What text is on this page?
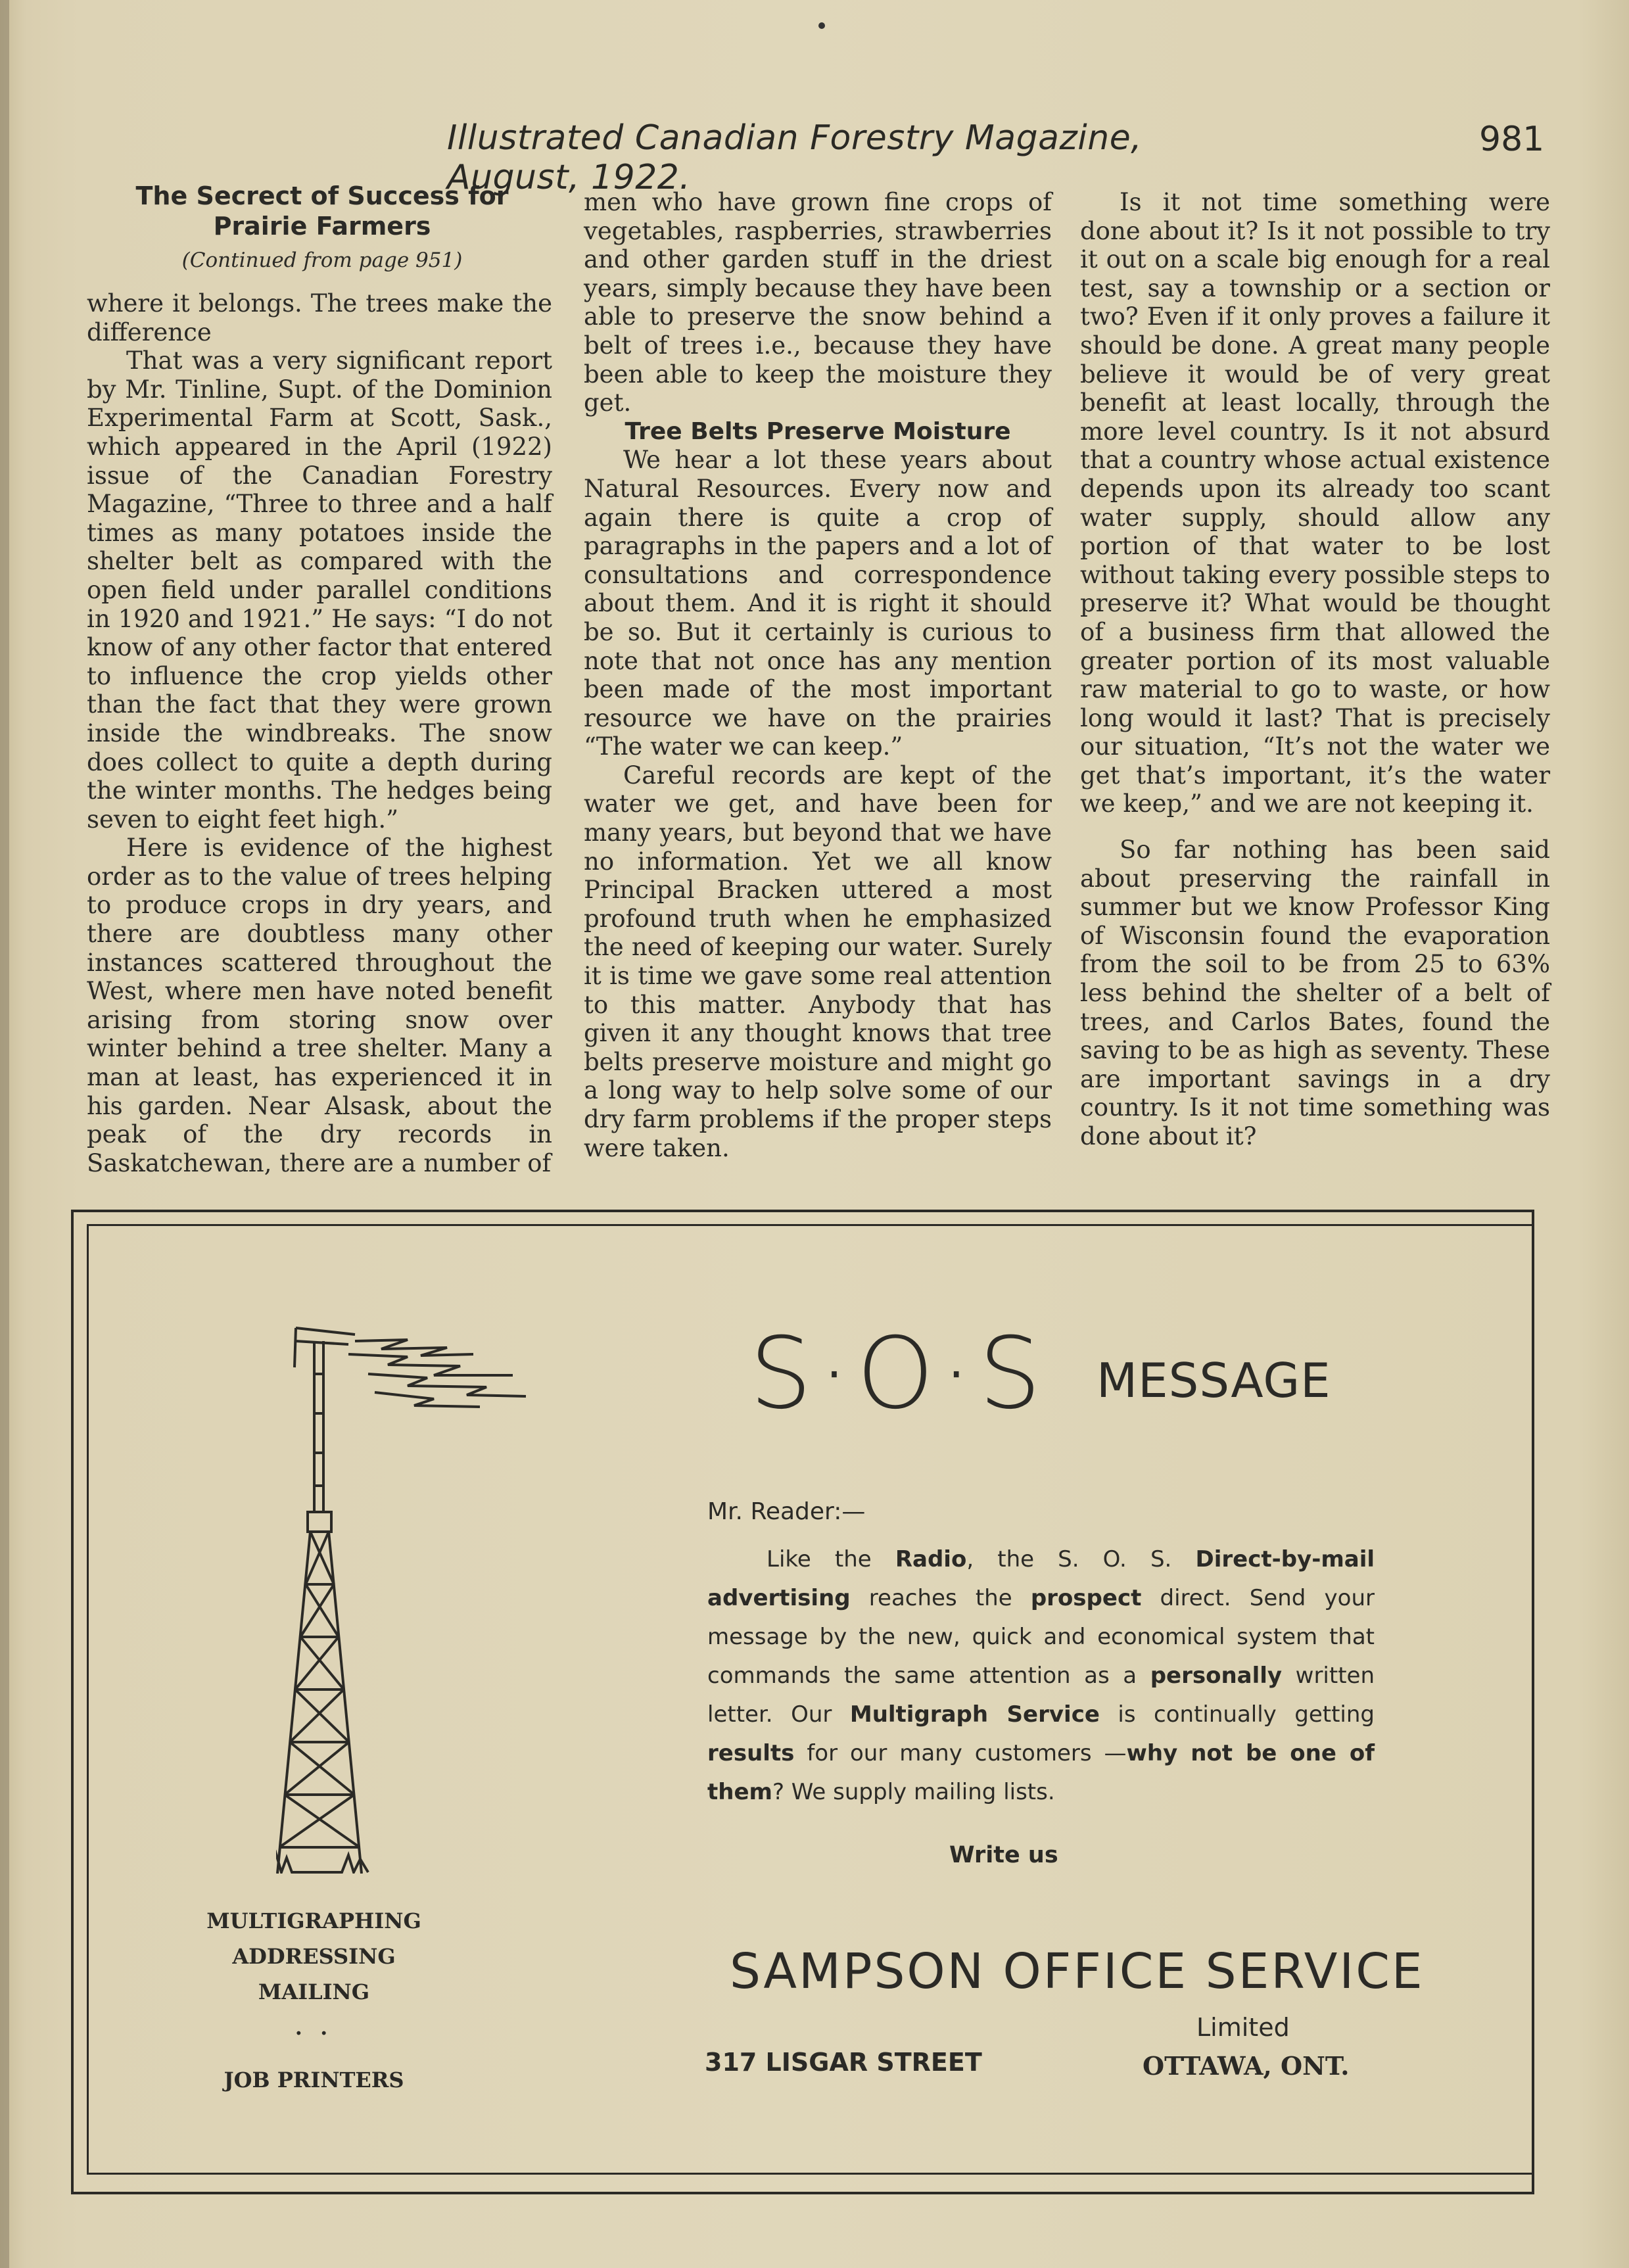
Illustrated Canadian Forestry Magazine, August, 1922.
981
The Secrect of Success for
Prairie Farmers
(Continued from page 951)

where it belongs. The trees make the difference

That was a very significant report by Mr. Tinline, Supt. of the Dominion Experimental Farm at Scott, Sask., which appeared in the April (1922) issue of the Canadian Forestry Magazine, “Three to three and a half times as many potatoes inside the shelter belt as compared with the open field under parallel conditions in 1920 and 1921.” He says: “I do not know of any other factor that entered to influence the crop yields other than the fact that they were grown inside the windbreaks. The snow does collect to quite a depth during the winter months. The hedges being seven to eight feet high.”

Here is evidence of the highest order as to the value of trees helping to produce crops in dry years, and there are doubtless many other instances scattered throughout the West, where men have noted benefit arising from storing snow over winter behind a tree shelter. Many a man at least, has experienced it in his garden. Near Alsask, about the peak of the dry records in Saskatchewan, there are a number of

men who have grown fine crops of vegetables, raspberries, strawberries and other garden stuff in the driest years, simply because they have been able to preserve the snow behind a belt of trees i.e., because they have been able to keep the moisture they get.

Tree Belts Preserve Moisture

We hear a lot these years about Natural Resources. Every now and again there is quite a crop of paragraphs in the papers and a lot of consultations and correspondence about them. And it is right it should be so. But it certainly is curious to note that not once has any mention been made of the most important resource we have on the prairies “The water we can keep.”

Careful records are kept of the water we get, and have been for many years, but beyond that we have no information. Yet we all know Principal Bracken uttered a most profound truth when he emphasized the need of keeping our water. Surely it is time we gave some real attention to this matter. Anybody that has given it any thought knows that tree belts preserve moisture and might go a long way to help solve some of our dry farm problems if the proper steps were taken.

Is it not time something were done about it? Is it not possible to try it out on a scale big enough for a real test, say a township or a section or two? Even if it only proves a failure it should be done. A great many people believe it would be of very great benefit at least locally, through the more level country. Is it not absurd that a country whose actual existence depends upon its already too scant water supply, should allow any portion of that water to be lost without taking every possible steps to preserve it? What would be thought of a business firm that allowed the greater portion of its most valuable raw material to go to waste, or how long would it last? That is precisely our situation, “It’s not the water we get that’s important, it’s the water we keep,” and we are not keeping it.

So far nothing has been said about preserving the rainfall in summer but we know Professor King of Wisconsin found the evaporation from the soil to be from 25 to 63% less behind the shelter of a belt of trees, and Carlos Bates, found the saving to be as high as seventy. These are important savings in a dry country. Is it not time something was done about it?

S·O·S MESSAGE
Mr. Reader:—
Like the Radio, the S. O. S. Direct-by-mail advertising reaches the prospect direct. Send your message by the new, quick and economical system that commands the same attention as a personally written letter. Our Multigraph Service is continually getting results for our many customers —why not be one of them? We supply mailing lists.
Write us
SAMPSON OFFICE SERVICE
Limited
317 LISGAR STREET	OTTAWA, ONT.
MULTIGRAPHING
ADDRESSING
MAILING
. .
JOB PRINTERS
